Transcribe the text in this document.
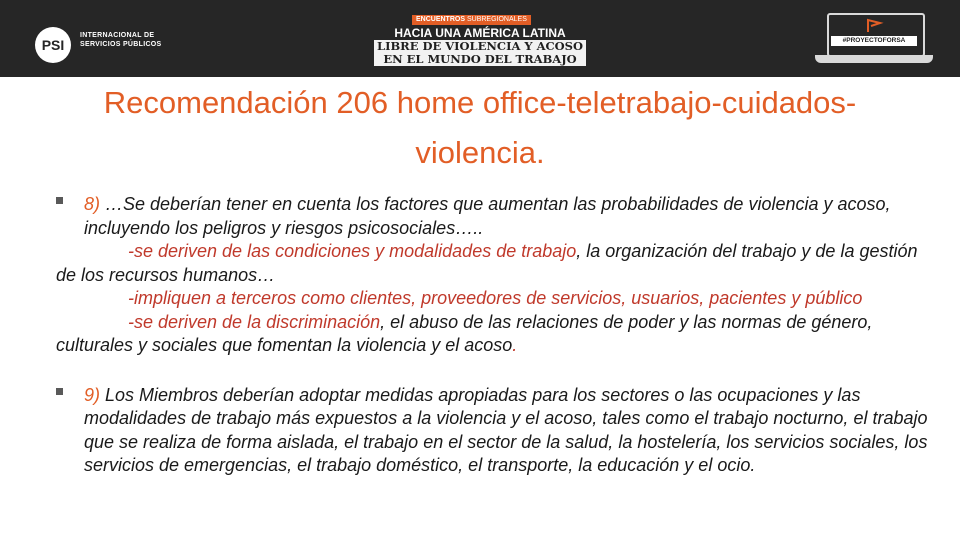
PSI
INTERNACIONAL DE
SERVICIOS PÚBLICOS
ENCUENTROS SUBREGIONALES
HACIA UNA AMÉRICA LATINA
LIBRE DE VIOLENCIA Y ACOSO
EN EL MUNDO DEL TRABAJO
#PROYECTOFORSA
Recomendación 206 home office-teletrabajo-cuidados-
violencia.
8) …Se deberían tener en cuenta los factores que aumentan las probabilidades de violencia y acoso, incluyendo los peligros y riesgos psicosociales…..
-se deriven de las condiciones y modalidades de trabajo, la organización del trabajo y de la gestión de los recursos humanos…
-impliquen a terceros como clientes, proveedores de servicios, usuarios, pacientes y público
-se deriven de la discriminación, el abuso de las relaciones de poder y las normas de género, culturales y sociales que fomentan la violencia y el acoso.
9) Los Miembros deberían adoptar medidas apropiadas para los sectores o las ocupaciones y las modalidades de trabajo más expuestos a la violencia y el acoso, tales como el trabajo nocturno, el trabajo que se realiza de forma aislada, el trabajo en el sector de la salud, la hostelería, los servicios sociales, los servicios de emergencias, el trabajo doméstico, el transporte, la educación y el ocio.
